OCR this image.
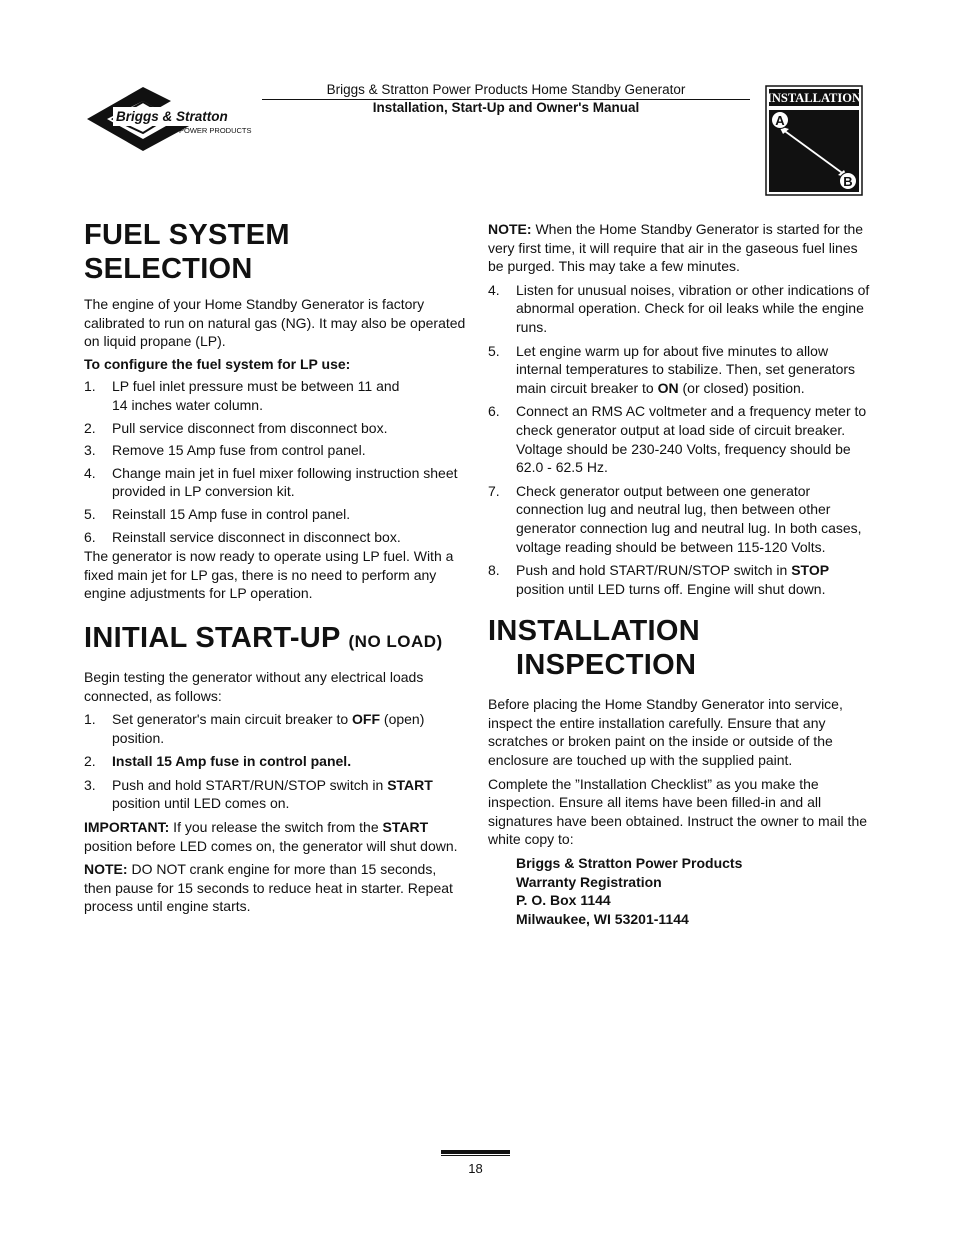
Briggs & Stratton
POWER PRODUCTS
Briggs & Stratton Power Products Home Standby Generator
Installation, Start-Up and Owner's Manual
INSTALLATION
A
B
FUEL SYSTEM SELECTION

The engine of your Home Standby Generator is factory calibrated to run on natural gas (NG). It may also be operated on liquid propane (LP).

To configure the fuel system for LP use:

1. LP fuel inlet pressure must be between 11 and 14 inches water column.
2. Pull service disconnect from disconnect box.
3. Remove 15 Amp fuse from control panel.
4. Change main jet in fuel mixer following instruction sheet provided in LP conversion kit.
5. Reinstall 15 Amp fuse in control panel.
6. Reinstall service disconnect in disconnect box.

The generator is now ready to operate using LP fuel. With a fixed main jet for LP gas, there is no need to perform any engine adjustments for LP operation.

INITIAL START-UP (NO LOAD)

Begin testing the generator without any electrical loads connected, as follows:

1. Set generator's main circuit breaker to OFF (open) position.
2. Install 15 Amp fuse in control panel.
3. Push and hold START/RUN/STOP switch in START position until LED comes on.

IMPORTANT: If you release the switch from the START position before LED comes on, the generator will shut down.

NOTE: DO NOT crank engine for more than 15 seconds, then pause for 15 seconds to reduce heat in starter. Repeat process until engine starts.

NOTE: When the Home Standby Generator is started for the very first time, it will require that air in the gaseous fuel lines be purged. This may take a few minutes.

4. Listen for unusual noises, vibration or other indications of abnormal operation. Check for oil leaks while the engine runs.
5. Let engine warm up for about five minutes to allow internal temperatures to stabilize. Then, set generators main circuit breaker to ON (or closed) position.
6. Connect an RMS AC voltmeter and a frequency meter to check generator output at load side of circuit breaker. Voltage should be 230-240 Volts, frequency should be 62.0 - 62.5 Hz.
7. Check generator output between one generator connection lug and neutral lug, then between other generator connection lug and neutral lug. In both cases, voltage reading should be between 115-120 Volts.
8. Push and hold START/RUN/STOP switch in STOP position until LED turns off. Engine will shut down.
INSTALLATION
INSPECTION

Before placing the Home Standby Generator into service, inspect the entire installation carefully. Ensure that any scratches or broken paint on the inside or outside of the enclosure are touched up with the supplied paint.

Complete the ”Installation Checklist” as you make the inspection. Ensure all items have been filled-in and all signatures have been obtained. Instruct the owner to mail the white copy to:

Briggs & Stratton Power Products
Warranty Registration
P. O. Box 1144
Milwaukee, WI 53201-1144
18
